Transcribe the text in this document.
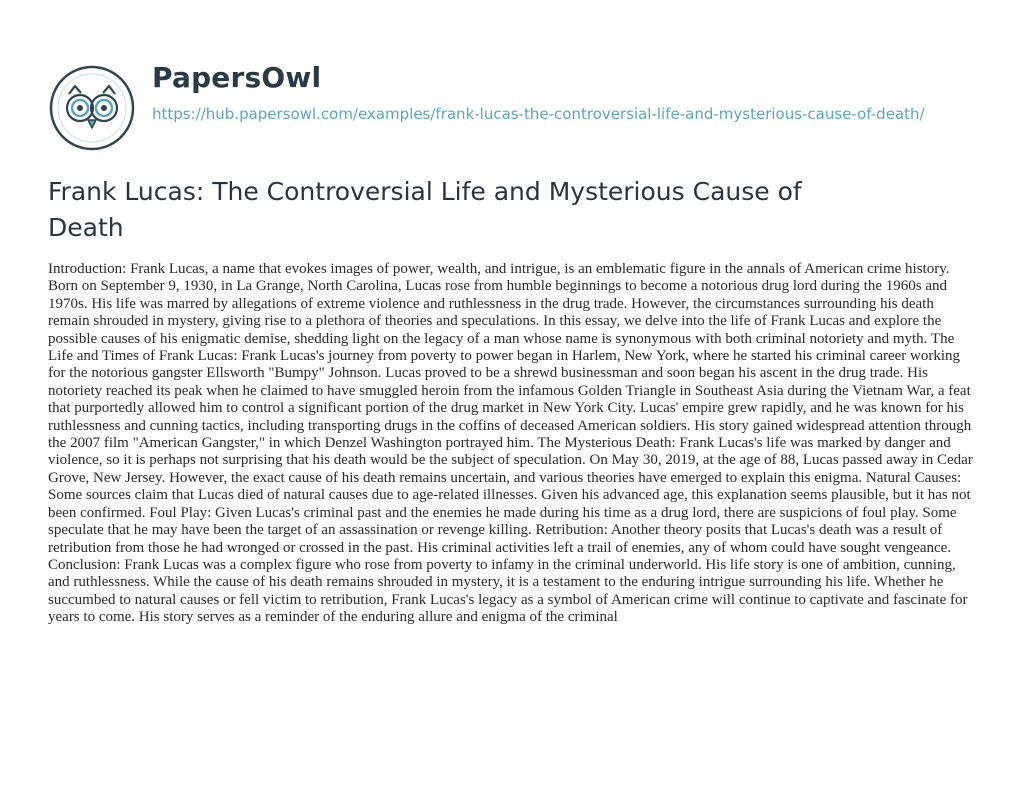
PapersOwl
https://hub.papersowl.com/examples/frank-lucas-the-controversial-life-and-mysterious-cause-of-death/
Frank Lucas: The Controversial Life and Mysterious Cause of Death

Introduction: Frank Lucas, a name that evokes images of power, wealth, and intrigue, is an emblematic figure in the annals of American crime history. Born on September 9, 1930, in La Grange, North Carolina, Lucas rose from humble beginnings to become a notorious drug lord during the 1960s and 1970s. His life was marred by allegations of extreme violence and ruthlessness in the drug trade. However, the circumstances surrounding his death remain shrouded in mystery, giving rise to a plethora of theories and speculations. In this essay, we delve into the life of Frank Lucas and explore the possible causes of his enigmatic demise, shedding light on the legacy of a man whose name is synonymous with both criminal notoriety and myth. The Life and Times of Frank Lucas: Frank Lucas's journey from poverty to power began in Harlem, New York, where he started his criminal career working for the notorious gangster Ellsworth "Bumpy" Johnson. Lucas proved to be a shrewd businessman and soon began his ascent in the drug trade. His notoriety reached its peak when he claimed to have smuggled heroin from the infamous Golden Triangle in Southeast Asia during the Vietnam War, a feat that purportedly allowed him to control a significant portion of the drug market in New York City. Lucas' empire grew rapidly, and he was known for his ruthlessness and cunning tactics, including transporting drugs in the coffins of deceased American soldiers. His story gained widespread attention through the 2007 film "American Gangster," in which Denzel Washington portrayed him. The Mysterious Death: Frank Lucas's life was marked by danger and violence, so it is perhaps not surprising that his death would be the subject of speculation. On May 30, 2019, at the age of 88, Lucas passed away in Cedar Grove, New Jersey. However, the exact cause of his death remains uncertain, and various theories have emerged to explain this enigma. Natural Causes: Some sources claim that Lucas died of natural causes due to age-related illnesses. Given his advanced age, this explanation seems plausible, but it has not been confirmed. Foul Play: Given Lucas's criminal past and the enemies he made during his time as a drug lord, there are suspicions of foul play. Some speculate that he may have been the target of an assassination or revenge killing. Retribution: Another theory posits that Lucas's death was a result of retribution from those he had wronged or crossed in the past. His criminal activities left a trail of enemies, any of whom could have sought vengeance. Conclusion: Frank Lucas was a complex figure who rose from poverty to infamy in the criminal underworld. His life story is one of ambition, cunning, and ruthlessness. While the cause of his death remains shrouded in mystery, it is a testament to the enduring intrigue surrounding his life. Whether he succumbed to natural causes or fell victim to retribution, Frank Lucas's legacy as a symbol of American crime will continue to captivate and fascinate for years to come. His story serves as a reminder of the enduring allure and enigma of the criminal
